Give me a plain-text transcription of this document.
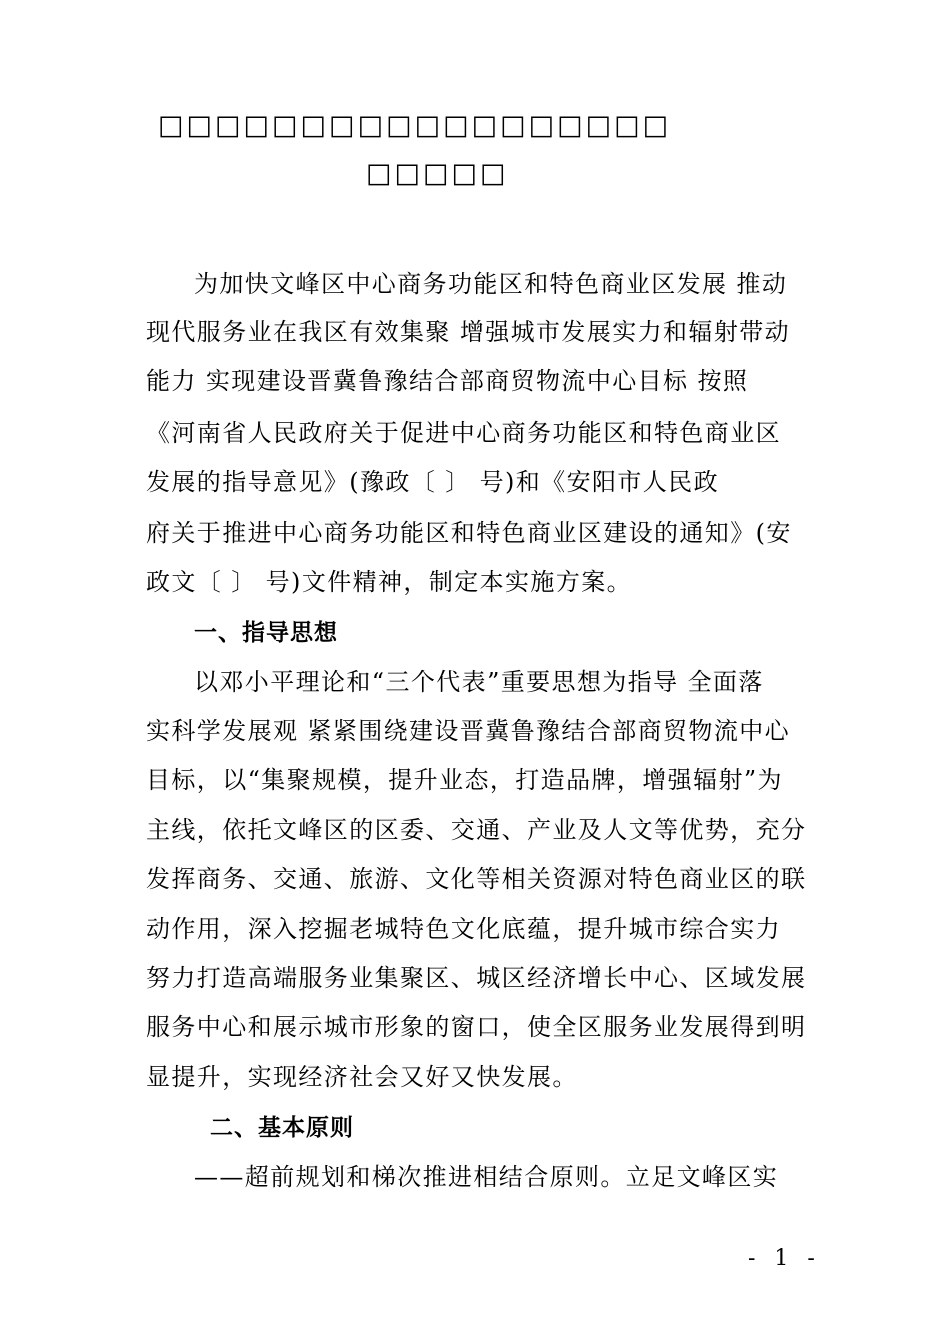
□□□□□□□□□□□□□□□□□□
□□□□□
为加快文峰区中心商务功能区和特色商业区发展 推动
现代服务业在我区有效集聚 增强城市发展实力和辐射带动
能力 实现建设晋冀鲁豫结合部商贸物流中心目标 按照
《河南省人民政府关于促进中心商务功能区和特色商业区
发展的指导意见》(豫政〔 〕 号)和《安阳市人民政
府关于推进中心商务功能区和特色商业区建设的通知》(安
政文〔 〕 号)文件精神，制定本实施方案。
一、指导思想
以邓小平理论和“三个代表”重要思想为指导 全面落
实科学发展观 紧紧围绕建设晋冀鲁豫结合部商贸物流中心
目标，以“集聚规模，提升业态，打造品牌，增强辐射”为
主线，依托文峰区的区委、交通、产业及人文等优势，充分
发挥商务、交通、旅游、文化等相关资源对特色商业区的联
动作用，深入挖掘老城特色文化底蕴，提升城市综合实力
努力打造高端服务业集聚区、城区经济增长中心、区域发展
服务中心和展示城市形象的窗口，使全区服务业发展得到明
显提升，实现经济社会又好又快发展。
二、基本原则
——超前规划和梯次推进相结合原则。立足文峰区实
- 1 -
